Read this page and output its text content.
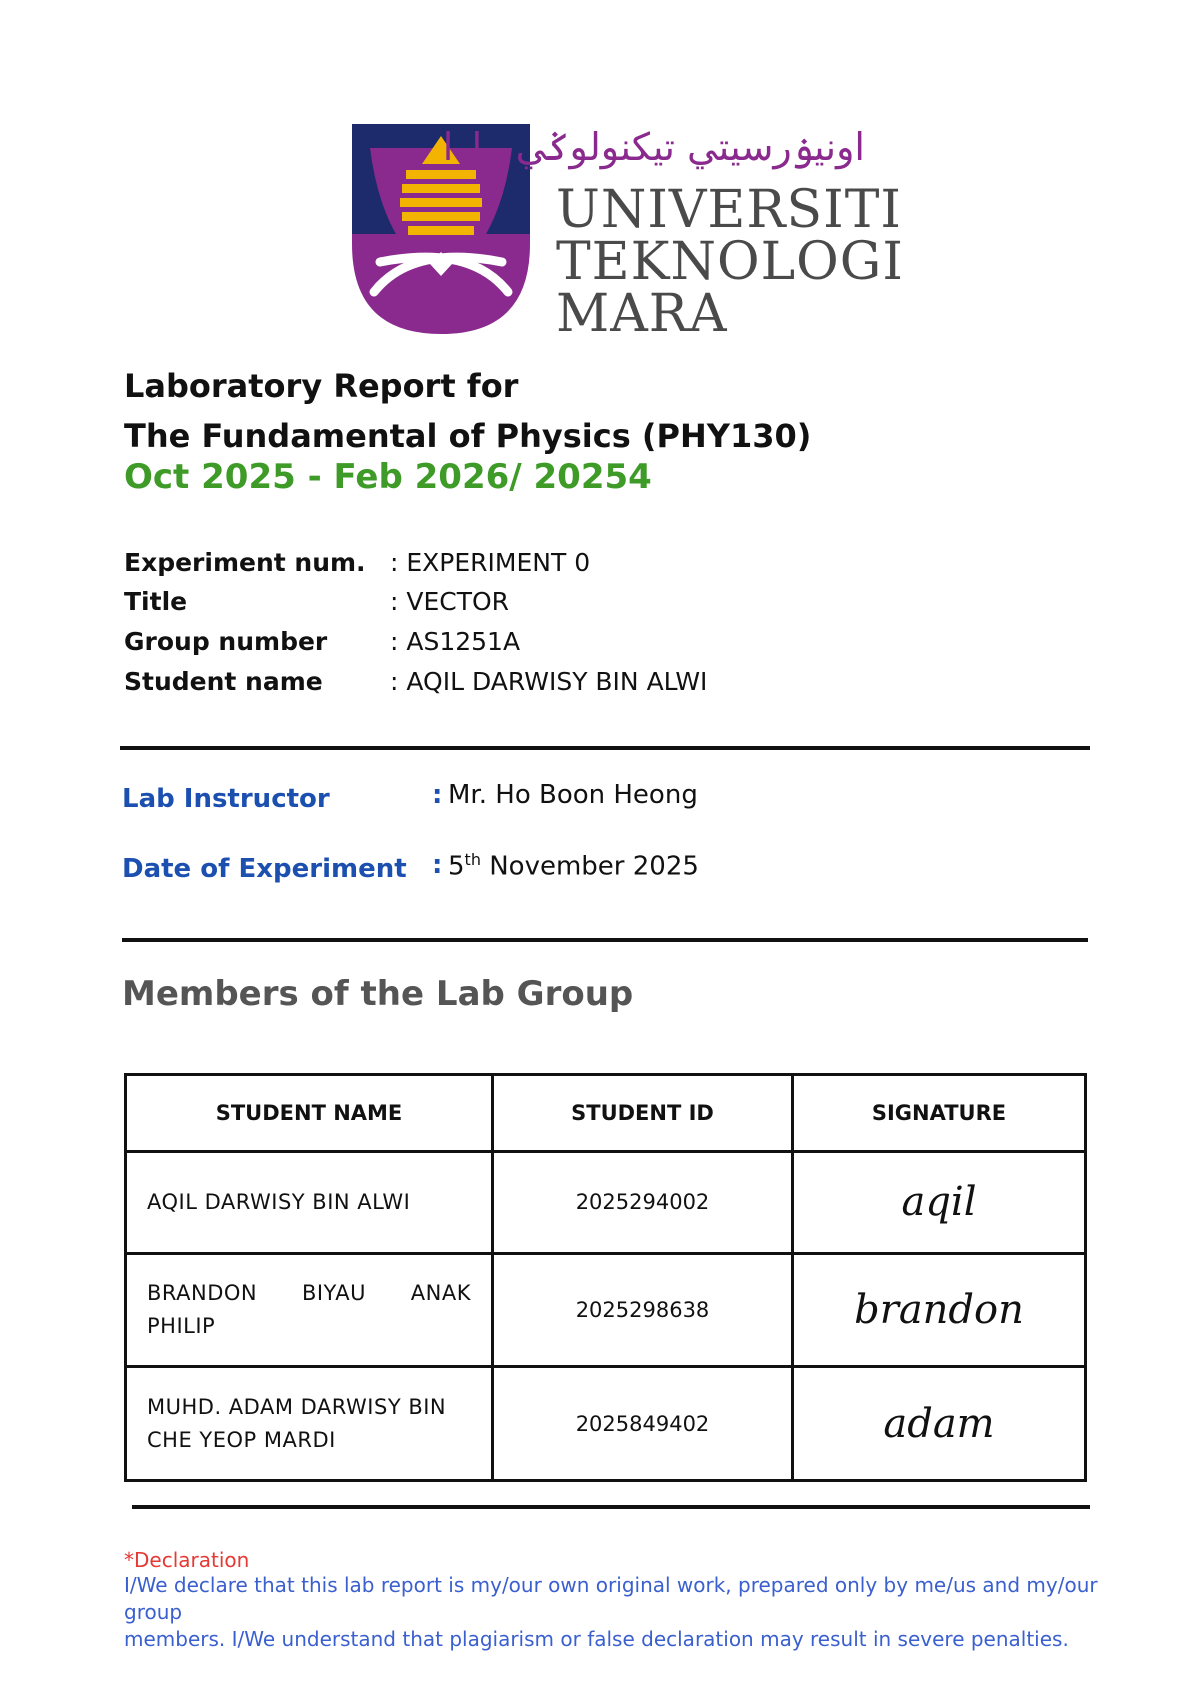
اونيۏرسيتي تيكنولوݢي مارا
UNIVERSITI
TEKNOLOGI
MARA
Laboratory Report for
The Fundamental of Physics (PHY130)
Oct 2025 - Feb 2026/ 20254
Experiment num. : EXPERIMENT 0
Title	: VECTOR
Group number	: AS1251A
Student name	: AQIL DARWISY BIN ALWI
Lab Instructor	: Mr. Ho Boon Heong
Date of Experiment : 5th November 2025
Members of the Lab Group
STUDENT NAME	STUDENT ID	SIGNATURE
AQIL DARWISY BIN ALWI	2025294002	aqil
BRANDON BIYAU ANAK PHILIP	2025298638	brandon
MUHD. ADAM DARWISY BIN CHE YEOP MARDI	2025849402	adam
*Declaration
I/We declare that this lab report is my/our own original work, prepared only by me/us and my/our group
members. I/We understand that plagiarism or false declaration may result in severe penalties.
